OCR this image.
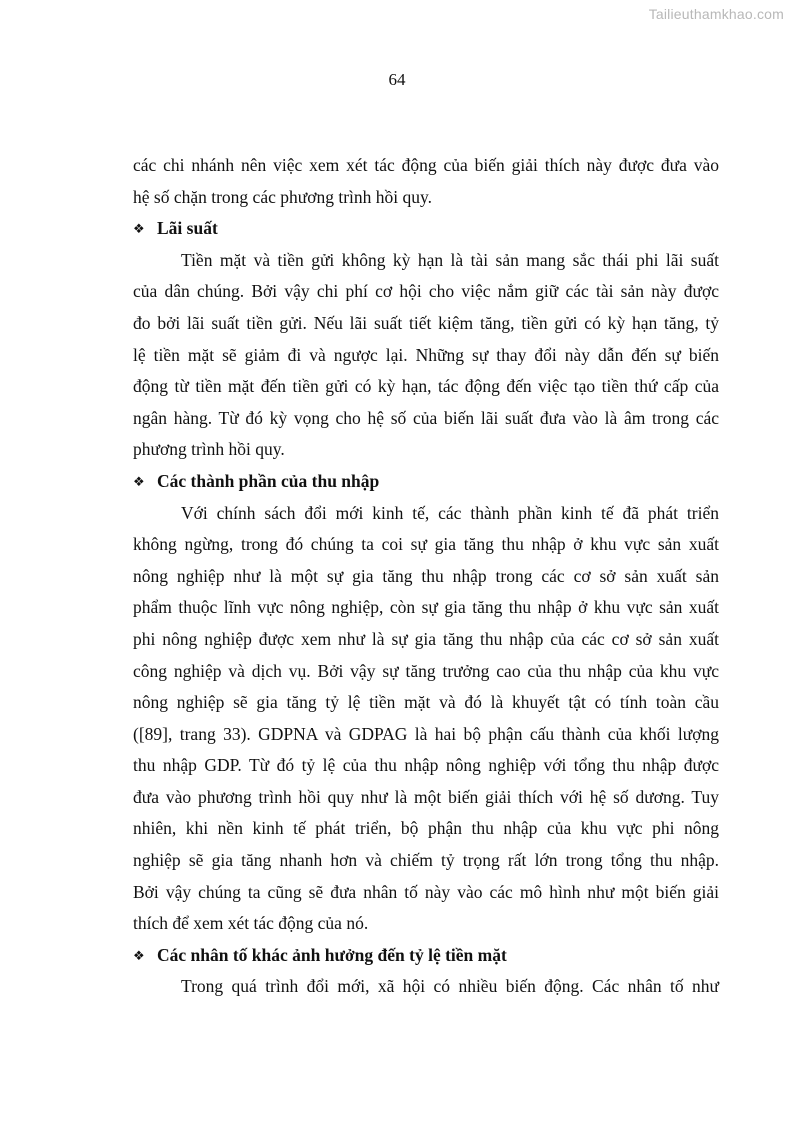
Tailieuthamkhao.com
64
các chi nhánh nên việc xem xét tác động của biến giải thích này được đưa vào
hệ số chặn trong các phương trình hồi quy.
❖ Lãi suất
Tiền mặt và tiền gửi không kỳ hạn là tài sản mang sắc thái phi lãi suất
của dân chúng. Bởi vậy chi phí cơ hội cho việc nắm giữ các tài sản này được
đo bởi lãi suất tiền gửi. Nếu lãi suất tiết kiệm tăng, tiền gửi có kỳ hạn tăng, tỷ
lệ tiền mặt sẽ giảm đi và ngược lại. Những sự thay đổi này dẫn đến sự biến
động từ tiền mặt đến tiền gửi có kỳ hạn, tác động đến việc tạo tiền thứ cấp của
ngân hàng. Từ đó kỳ vọng cho hệ số của biến lãi suất đưa vào là âm trong các
phương trình hồi quy.
❖ Các thành phần của thu nhập
Với chính sách đổi mới kinh tế, các thành phần kinh tế đã phát triển
không ngừng, trong đó chúng ta coi sự gia tăng thu nhập ở khu vực sản xuất
nông nghiệp như là một sự gia tăng thu nhập trong các cơ sở sản xuất sản
phẩm thuộc lĩnh vực nông nghiệp, còn sự gia tăng thu nhập ở khu vực sản xuất
phi nông nghiệp được xem như là sự gia tăng thu nhập của các cơ sở sản xuất
công nghiệp và dịch vụ. Bởi vậy sự tăng trưởng cao của thu nhập của khu vực
nông nghiệp sẽ gia tăng tỷ lệ tiền mặt và đó là khuyết tật có tính toàn cầu
([89], trang 33). GDPNA và GDPAG là hai bộ phận cấu thành của khối lượng
thu nhập GDP. Từ đó tỷ lệ của thu nhập nông nghiệp với tổng thu nhập được
đưa vào phương trình hồi quy như là một biến giải thích với hệ số dương. Tuy
nhiên, khi nền kinh tế phát triển, bộ phận thu nhập của khu vực phi nông
nghiệp sẽ gia tăng nhanh hơn và chiếm tỷ trọng rất lớn trong tổng thu nhập.
Bởi vậy chúng ta cũng sẽ đưa nhân tố này vào các mô hình như một biến giải
thích để xem xét tác động của nó.
❖ Các nhân tố khác ảnh hưởng đến tỷ lệ tiền mặt
Trong quá trình đổi mới, xã hội có nhiều biến động. Các nhân tố như
